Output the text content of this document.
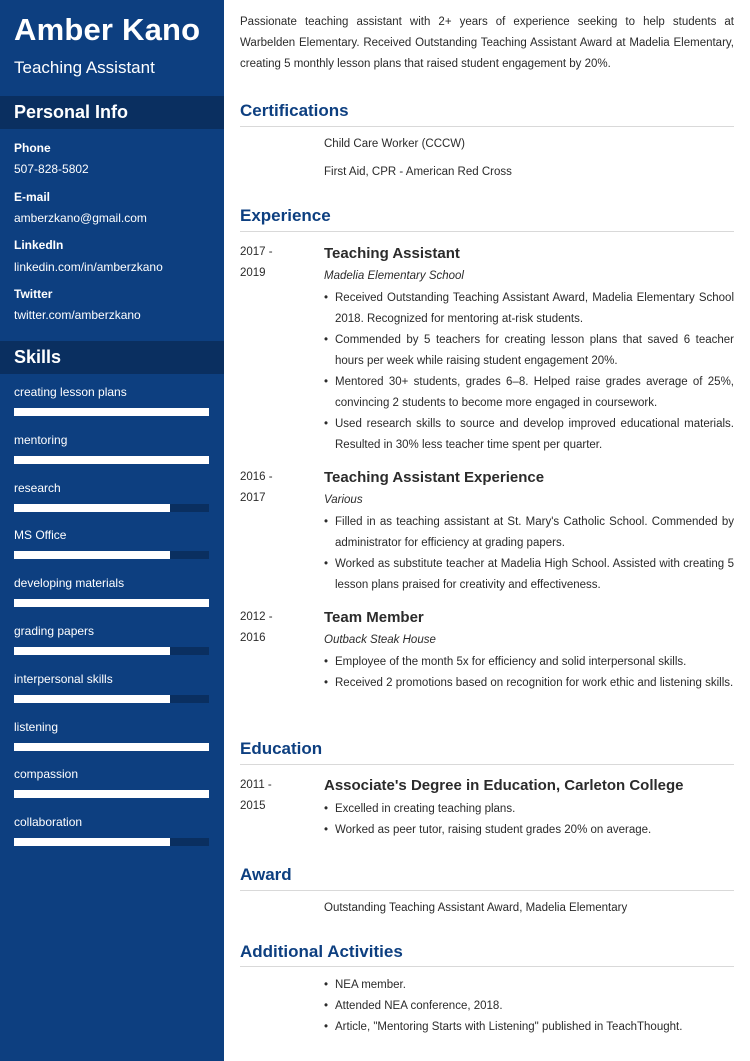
Amber Kano
Teaching Assistant
Personal Info
Phone
507-828-5802
E-mail
amberzkano@gmail.com
LinkedIn
linkedin.com/in/amberzkano
Twitter
twitter.com/amberzkano
Skills
creating lesson plans
mentoring
research
MS Office
developing materials
grading papers
interpersonal skills
listening
compassion
collaboration
Passionate teaching assistant with 2+ years of experience seeking to help students at Warbelden Elementary. Received Outstanding Teaching Assistant Award at Madelia Elementary, creating 5 monthly lesson plans that raised student engagement by 20%.
Certifications
Child Care Worker (CCCW)
First Aid, CPR - American Red Cross
Experience
2017 -
2019
Teaching Assistant
Madelia Elementary School
• Received Outstanding Teaching Assistant Award, Madelia Elementary School 2018. Recognized for mentoring at-risk students.
• Commended by 5 teachers for creating lesson plans that saved 6 teacher hours per week while raising student engagement 20%.
• Mentored 30+ students, grades 6–8. Helped raise grades average of 25%, convincing 2 students to become more engaged in coursework.
• Used research skills to source and develop improved educational materials. Resulted in 30% less teacher time spent per quarter.
2016 -
2017
Teaching Assistant Experience
Various
• Filled in as teaching assistant at St. Mary's Catholic School. Commended by administrator for efficiency at grading papers.
• Worked as substitute teacher at Madelia High School. Assisted with creating 5 lesson plans praised for creativity and effectiveness.
2012 -
2016
Team Member
Outback Steak House
• Employee of the month 5x for efficiency and solid interpersonal skills.
• Received 2 promotions based on recognition for work ethic and listening skills.
Education
2011 -
2015
Associate's Degree in Education, Carleton College
• Excelled in creating teaching plans.
• Worked as peer tutor, raising student grades 20% on average.
Award
Outstanding Teaching Assistant Award, Madelia Elementary
Additional Activities
• NEA member.
• Attended NEA conference, 2018.
• Article, "Mentoring Starts with Listening" published in TeachThought.
